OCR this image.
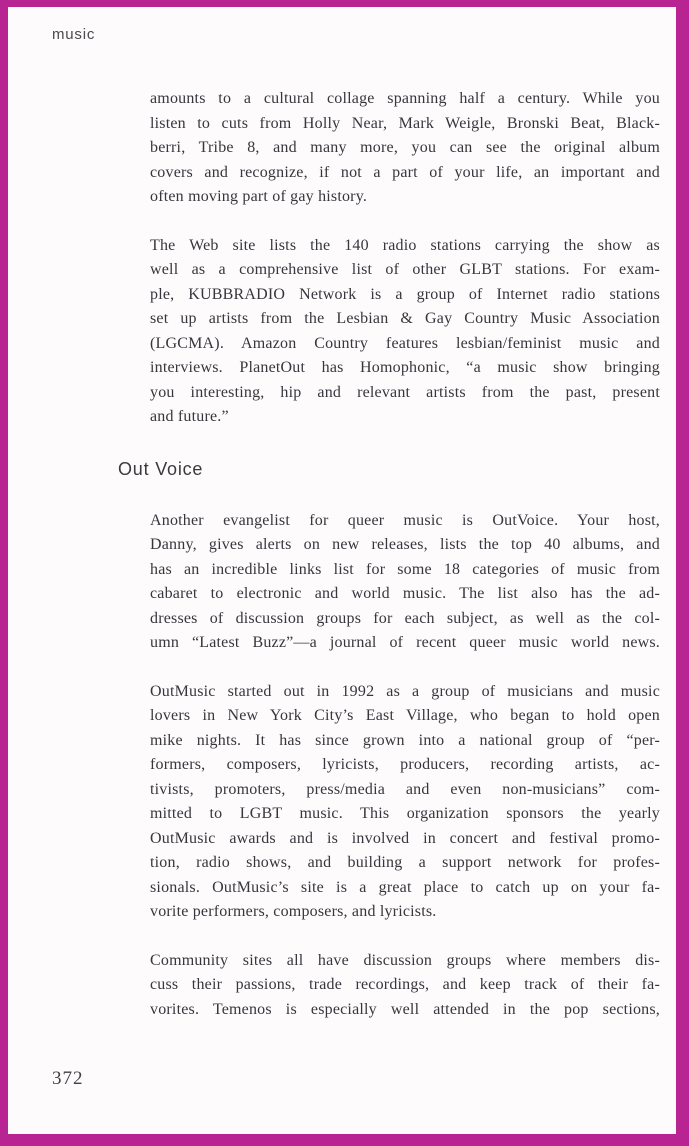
music
amounts to a cultural collage spanning half a century. While you
listen to cuts from Holly Near, Mark Weigle, Bronski Beat, Black-
berri, Tribe 8, and many more, you can see the original album
covers and recognize, if not a part of your life, an important and
often moving part of gay history.
The Web site lists the 140 radio stations carrying the show as
well as a comprehensive list of other GLBT stations. For exam-
ple, KUBBRADIO Network is a group of Internet radio stations
set up artists from the Lesbian & Gay Country Music Association
(LGCMA). Amazon Country features lesbian/feminist music and
interviews. PlanetOut has Homophonic, “a music show bringing
you interesting, hip and relevant artists from the past, present
and future.”
Out Voice
Another evangelist for queer music is OutVoice. Your host,
Danny, gives alerts on new releases, lists the top 40 albums, and
has an incredible links list for some 18 categories of music from
cabaret to electronic and world music. The list also has the ad-
dresses of discussion groups for each subject, as well as the col-
umn “Latest Buzz”—a journal of recent queer music world news.
OutMusic started out in 1992 as a group of musicians and music
lovers in New York City’s East Village, who began to hold open
mike nights. It has since grown into a national group of “per-
formers, composers, lyricists, producers, recording artists, ac-
tivists, promoters, press/media and even non-musicians” com-
mitted to LGBT music. This organization sponsors the yearly
OutMusic awards and is involved in concert and festival promo-
tion, radio shows, and building a support network for profes-
sionals. OutMusic’s site is a great place to catch up on your fa-
vorite performers, composers, and lyricists.
Community sites all have discussion groups where members dis-
cuss their passions, trade recordings, and keep track of their fa-
vorites. Temenos is especially well attended in the pop sections,
372
